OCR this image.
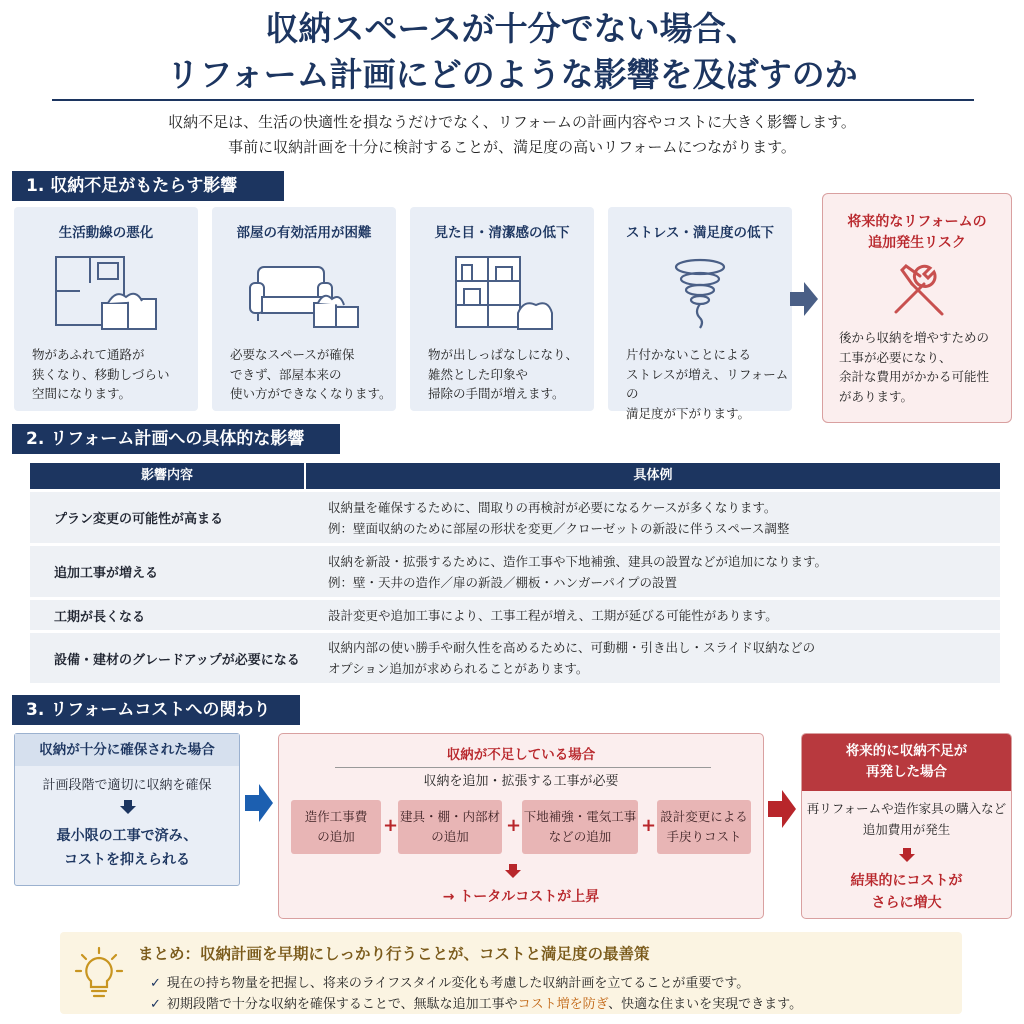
収納スペースが十分でない場合、
リフォーム計画にどのような影響を及ぼすのか
収納不足は、生活の快適性を損なうだけでなく、リフォームの計画内容やコストに大きく影響します。
事前に収納計画を十分に検討することが、満足度の高いリフォームにつながります。
1. 収納不足がもたらす影響
生活動線の悪化
物があふれて通路が
狭くなり、移動しづらい
空間になります。
部屋の有効活用が困難
必要なスペースが確保
できず、部屋本来の
使い方ができなくなります。
見た目・清潔感の低下
物が出しっぱなしになり、
雑然とした印象や
掃除の手間が増えます。
ストレス・満足度の低下
片付かないことによる
ストレスが増え、リフォームの
満足度が下がります。
将来的なリフォームの
追加発生リスク
後から収納を増やすための
工事が必要になり、
余計な費用がかかる可能性
があります。
2. リフォーム計画への具体的な影響
影響内容	具体例
プラン変更の可能性が高まる
収納量を確保するために、間取りの再検討が必要になるケースが多くなります。
例：壁面収納のために部屋の形状を変更／クローゼットの新設に伴うスペース調整
追加工事が増える
収納を新設・拡張するために、造作工事や下地補強、建具の設置などが追加になります。
例：壁・天井の造作／扉の新設／棚板・ハンガーパイプの設置
工期が長くなる	設計変更や追加工事により、工事工程が増え、工期が延びる可能性があります。
設備・建材のグレードアップが必要になる
収納内部の使い勝手や耐久性を高めるために、可動棚・引き出し・スライド収納などの
オプション追加が求められることがあります。
3. リフォームコストへの関わり
収納が十分に確保された場合
計画段階で適切に収納を確保
最小限の工事で済み、
コストを抑えられる
収納が不足している場合
収納を追加・拡張する工事が必要
造作工事費
の追加
+ 建具・棚・内部材
の追加
+ 下地補強・電気工事
などの追加
+ 設計変更による
手戻りコスト
→ トータルコストが上昇
将来的に収納不足が
再発した場合
再リフォームや造作家具の購入など
追加費用が発生
結果的にコストが
さらに増大
まとめ：収納計画を早期にしっかり行うことが、コストと満足度の最善策
✓ 現在の持ち物量を把握し、将来のライフスタイル変化も考慮した収納計画を立てることが重要です。
✓ 初期段階で十分な収納を確保することで、無駄な追加工事やコスト増を防ぎ、快適な住まいを実現できます。
